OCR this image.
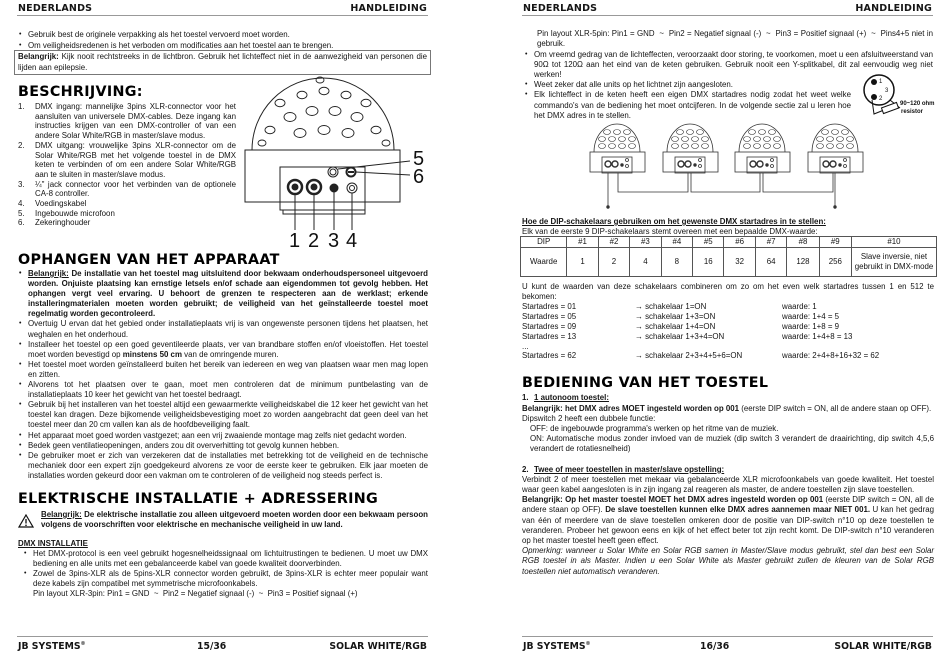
NEDERLANDS	HANDLEIDING
• Gebruik best de originele verpakking als het toestel vervoerd moet worden.
• Om veiligheidsredenen is het verboden om modificaties aan het toestel aan te brengen.
Belangrijk: Kijk nooit rechtstreeks in de lichtbron. Gebruik het lichteffect niet in de aanwezigheid van personen die lijden aan epilepsie.
1 2 3 4
5
6
BESCHRIJVING:
1. DMX ingang: mannelijke 3pins XLR-connector voor het aansluiten van universele DMX-cables. Deze ingang kan instructies krijgen van een DMX-controller of van een andere Solar White/RGB in master/slave modus.
2. DMX uitgang: vrouwelijke 3pins XLR-connector om de Solar White/RGB met het volgende toestel in de DMX keten te verbinden of om een andere Solar White/RGB aan te sluiten in master/slave modus.
3. ¼" jack connector voor het verbinden van de optionele CA-8 controller.
4. Voedingskabel
5. Ingebouwde microfoon
6. Zekeringhouder
OPHANGEN VAN HET APPARAAT
• Belangrijk: De installatie van het toestel mag uitsluitend door bekwaam onderhoudspersoneel uitgevoerd worden. Onjuiste plaatsing kan ernstige letsels en/of schade aan eigendommen tot gevolg hebben. Het ophangen vergt veel ervaring. U behoort de grenzen te respecteren aan de werklast; erkende installeringmaterialen moeten worden gebruikt; de veiligheid van het geïnstalleerde toestel moet regelmatig worden gecontroleerd.
• Overtuig U ervan dat het gebied onder installatieplaats vrij is van ongewenste personen tijdens het plaatsen, het weghalen en het onderhoud.
• Installeer het toestel op een goed geventileerde plaats, ver van brandbare stoffen en/of vloeistoffen. Het toestel moet worden bevestigd op minstens 50 cm van de omringende muren.
• Het toestel moet worden geïnstalleerd buiten het bereik van iedereen en weg van plaatsen waar men mag lopen en zitten.
• Alvorens tot het plaatsen over te gaan, moet men controleren dat de minimum puntbelasting van de installatieplaats 10 keer het gewicht van het toestel bedraagt.
• Gebruik bij het installeren van het toestel altijd een gewaarmerkte veiligheidskabel die 12 keer het gewicht van het toestel kan dragen. Deze bijkomende veiligheidsbevestiging moet zo worden aangebracht dat geen deel van het toestel meer dan 20 cm vallen kan als de hoofdbeveiliging faalt.
• Het apparaat moet goed worden vastgezet; aan een vrij zwaaiende montage mag zelfs niet gedacht worden.
• Bedek geen ventilatieopeningen, anders zou dit oververhitting tot gevolg kunnen hebben.
• De gebruiker moet er zich van verzekeren dat de installaties met betrekking tot de veiligheid en de technische mechaniek door een expert zijn goedgekeurd alvorens ze voor de eerste keer te gebruiken. Elk jaar moeten de installaties worden gekeurd door een vakman om te controleren of de veiligheid nog steeds perfect is.
ELEKTRISCHE INSTALLATIE + ADRESSERING
Belangrijk: De elektrische installatie zou alleen uitgevoerd moeten worden door een bekwaam persoon volgens de voorschriften voor elektrische en mechanische veiligheid in uw land.
DMX INSTALLATIE
• Het DMX-protocol is een veel gebruikt hogesnelheidssignaal om lichtuitrustingen te bedienen. U moet uw DMX bediening en alle units met een gebalanceerde kabel van goede kwaliteit doorverbinden.
• Zowel de 3pins-XLR als de 5pins-XLR connector worden gebruikt, de 3pins-XLR is echter meer populair want deze kabels zijn compatibel met symmetrische microfoonkabels.
Pin layout XLR-3pin: Pin1 = GND  ~  Pin2 = Negatief signaal (-)  ~  Pin3 = Positief signaal (+)
JB SYSTEMS®	15/36	SOLAR WHITE/RGB
NEDERLANDS	HANDLEIDING
Pin layout XLR-5pin: Pin1 = GND  ~  Pin2 = Negatief signaal (-)  ~  Pin3 = Positief signaal (+)  ~  Pins4+5 niet in gebruik.
• Om vreemd gedrag van de lichteffecten, veroorzaakt door storing, te voorkomen, moet u een afsluitweerstand van 90Ω tot 120Ω aan het eind van de keten gebruiken. Gebruik nooit een Y-splitkabel, dit zal eenvoudig weg niet werken!
• Weet zeker dat alle units op het lichtnet zijn aangesloten.
• Elk lichteffect in de keten heeft een eigen DMX startadres nodig zodat het weet welke commando's van de bediening het moet ontcijferen. In de volgende sectie zal u leren hoe het DMX adres in te stellen.
1
2
3
90~120 ohm
resistor
Hoe de DIP-schakelaars gebruiken om het gewenste DMX startadres in te stellen:
Elk van de eerste 9 DIP-schakelaars stemt overeen met een bepaalde DMX-waarde:
DIP	#1	#2	#3	#4	#5	#6	#7	#8	#9	#10
Waarde	1	2	4	8	16	32	64	128	256	Slave inversie, niet gebruikt in DMX-mode
U kunt de waarden van deze schakelaars combineren om zo om het even welk startadres tussen 1 en 512 te bekomen:
Startadres = 01	→ schakelaar 1=ON	waarde: 1
Startadres = 05	→ schakelaar 1+3=ON	waarde: 1+4 = 5
Startadres = 09	→ schakelaar 1+4=ON	waarde: 1+8 = 9
Startadres = 13	→ schakelaar 1+3+4=ON	waarde: 1+4+8 = 13
...
Startadres = 62	→ schakelaar 2+3+4+5+6=ON	waarde: 2+4+8+16+32 = 62
BEDIENING VAN HET TOESTEL
1. 1 autonoom toestel:
Belangrijk: het DMX adres MOET ingesteld worden op 001 (eerste DIP switch = ON, all de andere staan op OFF).
Dipswitch 2 heeft een dubbele functie:
OFF: de ingebouwde programma's werken op het ritme van de muziek.
ON: Automatische modus zonder invloed van de muziek (dip switch 3 verandert de draairichting, dip switch 4,5,6 verandert de rotatiesnelheid)
2. Twee of meer toestellen in master/slave opstelling:
Verbindt 2 of meer toestellen met mekaar via gebalanceerde XLR microfoonkabels van goede kwaliteit. Het toestel waar geen kabel aangesloten is in zijn ingang zal reageren als master, de andere toestellen zijn slave toestellen.
Belangrijk: Op het master toestel MOET het DMX adres ingesteld worden op 001 (eerste DIP switch = ON, all de andere staan op OFF). De slave toestellen kunnen elke DMX adres aannemen maar NIET 001. U kan het gedrag van één of meerdere van de slave toestellen omkeren door de positie van DIP-switch n°10 op deze toestellen te veranderen. Probeer het gewoon eens en kijk of het effect beter tot zijn recht komt. De DIP-switch n°10 veranderen op het master toestel heeft geen effect.
Opmerking: wanneer u Solar White en Solar RGB samen in Master/Slave modus gebruikt, stel dan best een Solar RGB toestel in als Master. Indien u een Solar White als Master gebruikt zullen de kleuren van de Solar RGB toestellen niet automatisch veranderen.
JB SYSTEMS®	16/36	SOLAR WHITE/RGB
